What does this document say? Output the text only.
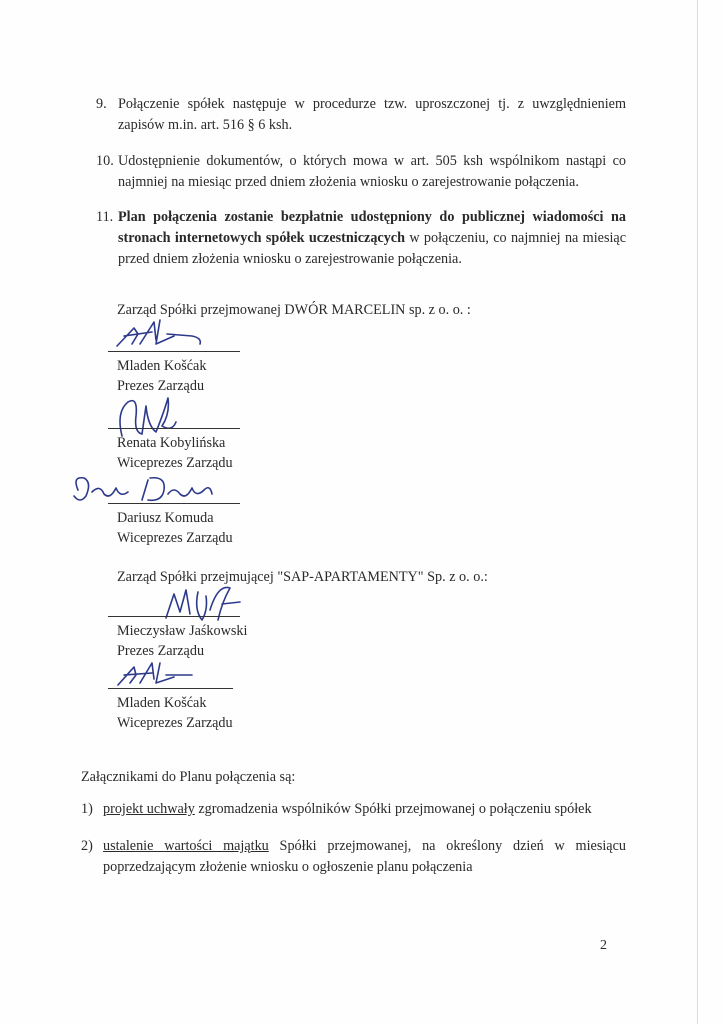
9. Połączenie spółek następuje w procedurze tzw. uproszczonej tj. z uwzględnieniem
zapisów m.in. art. 516 § 6 ksh.
10. Udostępnienie dokumentów, o których mowa w art. 505 ksh wspólnikom nastąpi co
najmniej na miesiąc przed dniem złożenia wniosku o zarejestrowanie połączenia.
11. Plan połączenia zostanie bezpłatnie udostępniony do publicznej wiadomości na
stronach internetowych spółek uczestniczących w połączeniu, co najmniej na miesiąc
przed dniem złożenia wniosku o zarejestrowanie połączenia.
Zarząd Spółki przejmowanej DWÓR MARCELIN sp. z o. o. :
Mladen Košćak
Prezes Zarządu
Renata Kobylińska
Wiceprezes Zarządu
Dariusz Komuda
Wiceprezes Zarządu
Zarząd Spółki przejmującej "SAP-APARTAMENTY" Sp. z o. o.:
Mieczysław Jaśkowski
Prezes Zarządu
Mladen Košćak
Wiceprezes Zarządu
Załącznikami do Planu połączenia są:
1) projekt uchwały zgromadzenia wspólników Spółki przejmowanej o połączeniu spółek
2) ustalenie wartości majątku Spółki przejmowanej, na określony dzień w miesiącu
poprzedzającym złożenie wniosku o ogłoszenie planu połączenia
2
